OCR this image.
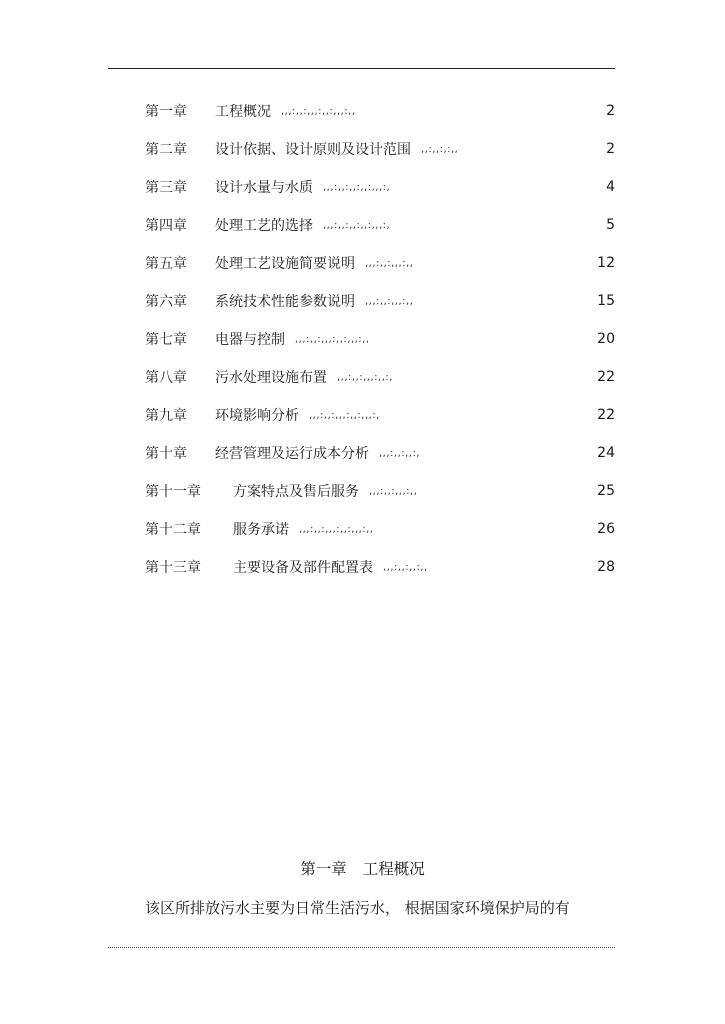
第一章	工程概况 ,,,:,,:,,,:,,:,,,:,,	2
第二章	设计依据、设计原则及设计范围 ,,:,,:,:,,	2
第三章	设计水量与水质 ,,,:,,:,,:,,:,,,:,	4
第四章	处理工艺的选择 ,,,:,,:,,:,,:,,,:,	5
第五章	处理工艺设施简要说明 ,,,:,,:,,,:,,	12
第六章	系统技术性能参数说明 ,,,:,,:,,,:,,	15
第七章	电器与控制 ,,,:,,:,,,:,,:,,,:,,	20
第八章	污水处理设施布置 ,,,:,,:,,,:,,:,	22
第九章	环境影响分析 ,,,:,,:,,,:,,:,,,:,	22
第十章	经营管理及运行成本分析 ,,,:,,:,,:,	24
第十一章	方案特点及售后服务 ,,,:,,:,,,:,,	25
第十二章	服务承诺 ,,,:,,:,,,:,,:,,,:,,	26
第十三章	主要设备及部件配置表 ,,,:,,:,,:,,	28
第一章 工程概况
该区所排放污水主要为日常生活污水， 根据国家环境保护局的有
